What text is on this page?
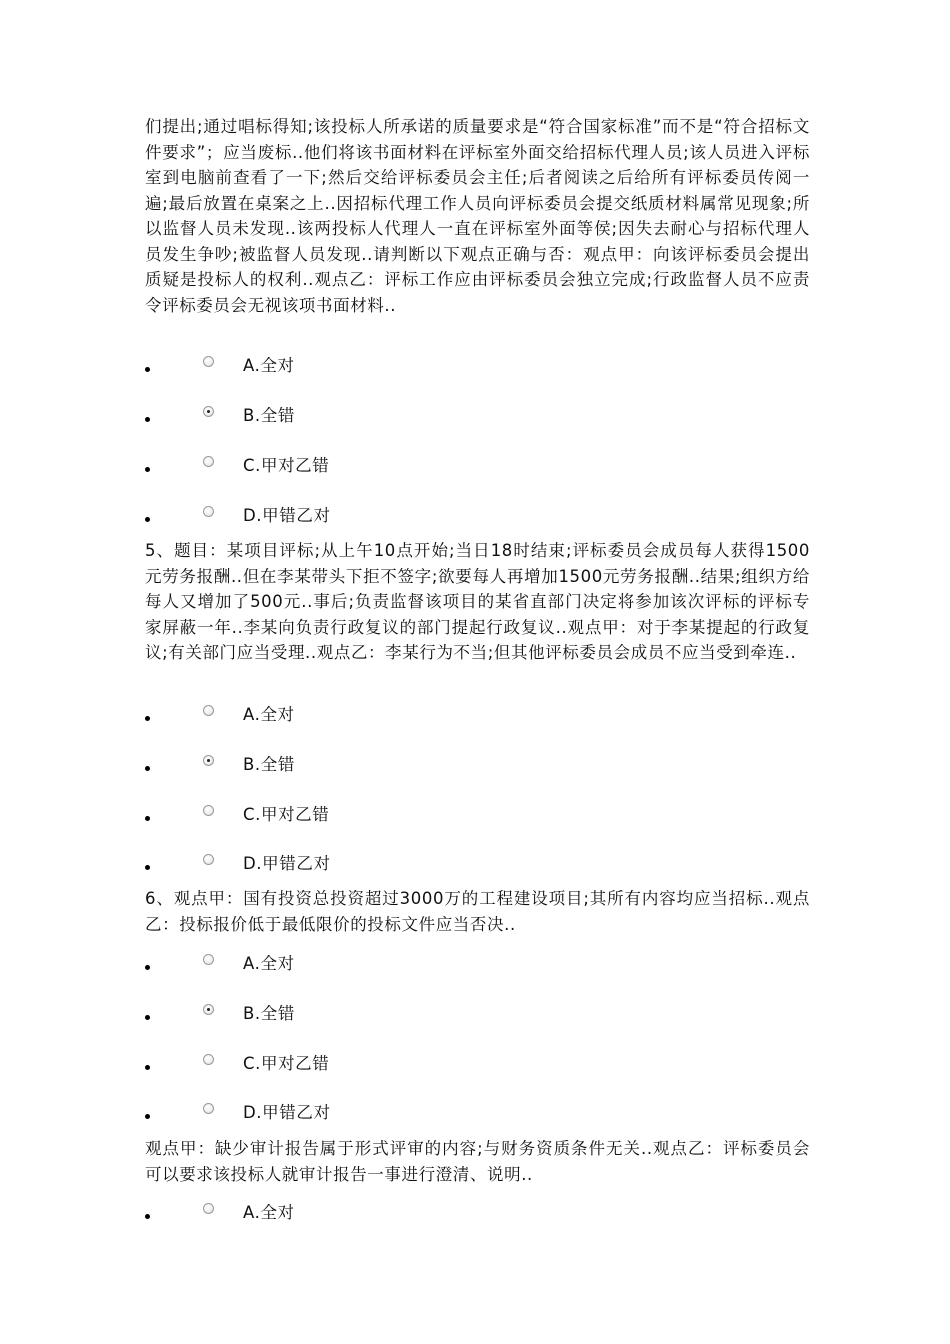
们提出;通过唱标得知;该投标人所承诺的质量要求是“符合国家标准”而不是“符合招标文件要求”；应当废标..他们将该书面材料在评标室外面交给招标代理人员;该人员进入评标室到电脑前查看了一下;然后交给评标委员会主任;后者阅读之后给所有评标委员传阅一遍;最后放置在桌案之上..因招标代理工作人员向评标委员会提交纸质材料属常见现象;所以监督人员未发现..该两投标人代理人一直在评标室外面等侯;因失去耐心与招标代理人员发生争吵;被监督人员发现..请判断以下观点正确与否：观点甲：向该评标委员会提出质疑是投标人的权利..观点乙：评标工作应由评标委员会独立完成;行政监督人员不应责令评标委员会无视该项书面材料..
A.全对
B.全错
C.甲对乙错
D.甲错乙对
5、题目：某项目评标;从上午10点开始;当日18时结束;评标委员会成员每人获得1500元劳务报酬..但在李某带头下拒不签字;欲要每人再增加1500元劳务报酬..结果;组织方给每人又增加了500元..事后;负责监督该项目的某省直部门决定将参加该次评标的评标专家屏蔽一年..李某向负责行政复议的部门提起行政复议..观点甲：对于李某提起的行政复议;有关部门应当受理..观点乙：李某行为不当;但其他评标委员会成员不应当受到牵连..
A.全对
B.全错
C.甲对乙错
D.甲错乙对
6、观点甲：国有投资总投资超过3000万的工程建设项目;其所有内容均应当招标..观点乙：投标报价低于最低限价的投标文件应当否决..
A.全对
B.全错
C.甲对乙错
D.甲错乙对
观点甲：缺少审计报告属于形式评审的内容;与财务资质条件无关..观点乙：评标委员会可以要求该投标人就审计报告一事进行澄清、说明..
A.全对
